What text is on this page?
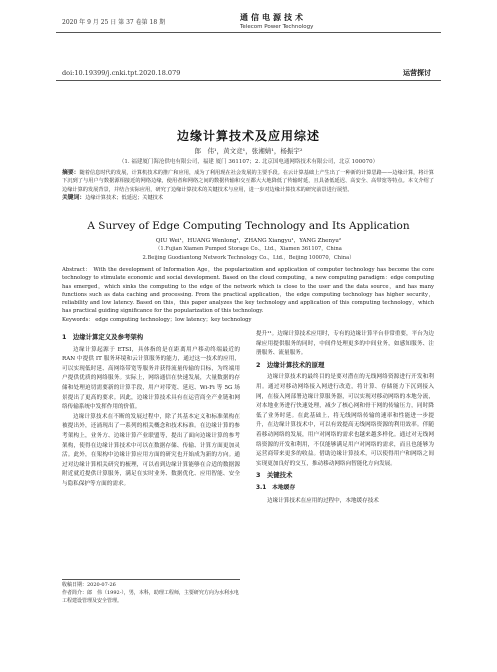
2020 年 9 月 25 日 第 37 卷第 18 期
通信电源技术
Telecom Power Technology
doi:10.19399/j.cnki.tpt.2020.18.079	运营探讨
边缘计算技术及应用综述
郎　伟¹，黄文竞¹，张湘婧¹，杨振宇²
（1. 福建厦门海沧供电有限公司，福建 厦门 361107；2. 北京国电通网络技术有限公司，北京 100070）
摘要：随着信息时代的发展，计算机技术的推广和应用，成为了利用现在社会发展的主要手段。在云计算基础上产生出了一种新的计算思路——边缘计算，将计算下沉到了与用户与数据源相接近的网络边缘，使用者和网络之间的数据传输和交互都大大地降低了传输时延，且具备低延迟、高安全、高带宽等特点。本文介绍了边缘计算的发展背景，并结合实际应用，研究了边缘计算技术的关键技术与应用，进一步对边缘计算技术的研究前景进行展望。
关键词：边缘计算技术；低延迟；关键技术
A Survey of Edge Computing Technology and Its Application
QIU Wei¹，HUANG Wenlong¹，ZHANG Xiangyu¹，YANG Zhenyu²
（1.Fujian Xiamen Pumped Storage Co.，Ltd.，Xiamen 361107，China
2.Beijing Guodiantong Network Technology Co.，Ltd.，Beijing 100070，China）
Abstract： With the development of Information Age，the popularization and application of computer technology has become the core technology to stimulate economic and social development. Based on the cloud computing，a new computing paradigm：edge computing has emerged，which sinks the computing to the edge of the network which is close to the user and the data source，and has many functions such as data caching and processing. From the practical application，the edge computing technology has higher security，reliability and low latency. Based on this，this paper analyzes the key technology and application of this computing technology，which has practical guiding significance for the popularization of this technology.
Keywords： edge computing technology；low latency；key technology
1　边缘计算定义及参考架构

边缘计算起源于 ETSI，具体指的是在距离用户移动终端最近的 RAN 中提供 IT 服务环境和云计算服务的能力，通过这一技术的应用，可以实现低时延、高网络带宽等服务并获得流量传输的目标，为终端用户提供优质的网络服务。实际上，网络通信在快速发展，大量数据的存储和处理迫切需要新的计算手段，用户对带宽、延迟、Wi-Fi 等 5G 场景提出了更高的要求。因此，边缘计算技术具有在运营商全产业链和网络传输系统中发挥作用的价值。

边缘计算技术在不断的发展过程中，除了其基本定义和标准架构在被提出外，还涌现出了一系列的相关概念和技术标准。在边缘计算的参考架构上，业务方、边缘计算产业联盟等，提出了面向边缘计算的参考架构，使得在边缘计算技术中可以在数据存储、传输、计算方面更加灵活。此外，在架构中边缘计算应用方面的研究也开始成为新的方向。通过对边缘计算相关研究的梳理，可以看到边缘计算能够在合适的数据源附近就近提供计算服务，满足在实时业务、数据优化、应用智能、安全与隐私保护等方面的需求。

收稿日期：2020-07-26
作者简介：郎　伟（1992-），男，本科，助理工程师，主要研究方向为水利水电工程建设管理及安全管理。

提升¹¹。边缘计算技术应用时，专有的边缘计算平台非常重要，平台为边缘应用提供服务的同时，中间件处理更多的中间业务，如感知服务、注册服务、流量服务。

2　边缘计算技术的原理

边缘计算技术的最终目的是要对潜在的无线网络资源进行开发和利用。通过对移动网络接入网进行改造，将计算、存储能力下沉到接入网，在接入网部署边缘计算服务器，可以实现对移动网络的本地分流，对本地业务进行快速处理，减少了核心网和骨干网的传输压力，同时降低了业务时延。在此基础上，将无线网络传输的速率和性能进一步提升，在边缘计算技术中，可以有效提高无线网络资源的利用效率。伴随着移动网络的发展，用户对网络的需求也越来越多样化。通过对无线网络资源的开发和利用，不仅能够满足用户对网络的需求，而且也能够为运营商带来更多的收益。借助边缘计算技术，可以使得用户和网络之间实现更加良好的交互，推动移动网络向智能化方向发展。

3　关键技术
3.1　本地缓存

边缘计算技术在应用的过程中，本地缓存技术
